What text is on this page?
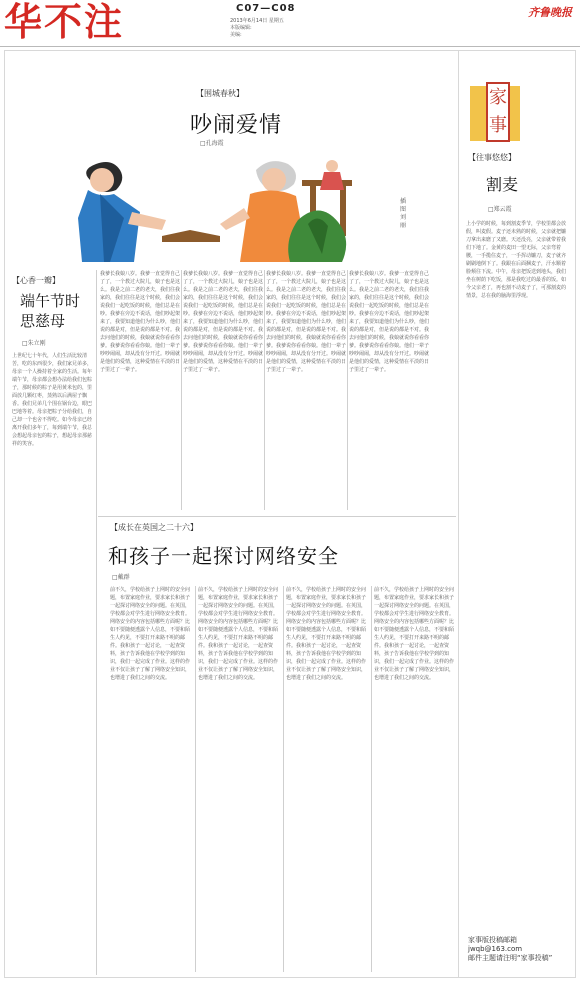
华不注	C07—C08
2013年6月14日 星期五
本版编辑:
美编:
齐鲁晚报
【围城春秋】
吵闹爱情
□孔海霞
插图 刘丽
【心香一瓣】
端午节时
思慈母
□朱立刚
上世纪七十年代，人们生活比较清苦，吃的东西很少，我们家兄弟多，母亲一个人操持着全家的生活。每年端午节，母亲都会想办法给我们包粽子，那时候的粽子是用黄米包的，里面放几颗红枣，蒸熟以后满屋子飘香。我们兄弟几个围在锅台边，眼巴巴地等着。母亲把粽子分给我们，自己却一个也舍不得吃。如今母亲已经离开我们多年了，每到端午节，我总会想起母亲包的粽子，想起母亲那慈祥的笑容。
我爹长我娘八岁。我爹一直觉得自己了了，一个教过大院儿，娘子也是这么。我是之前二老的老夫，我们往我家的，我们往往是这个时候，我们会说我们一起吃饭的时候，他们总是在吵。我爹在旁边不说话，他们吵起架来了，我要知道他们为什么吵，他们说的都是对，但是说的都是不对。我去问他们的时候，我娘就说你看看你爹。我爹说你看看你娘。他们一辈子吵吵闹闹，却从没有分开过。吵闹就是他们的爱情，这种爱情在平淡的日子里过了一辈子。
我爹长我娘八岁。我爹一直觉得自己了了，一个教过大院儿，娘子也是这么。我是之前二老的老夫，我们往我家的，我们往往是这个时候，我们会说我们一起吃饭的时候，他们总是在吵。我爹在旁边不说话，他们吵起架来了，我要知道他们为什么吵，他们说的都是对，但是说的都是不对。我去问他们的时候，我娘就说你看看你爹。我爹说你看看你娘。他们一辈子吵吵闹闹，却从没有分开过。吵闹就是他们的爱情，这种爱情在平淡的日子里过了一辈子。
我爹长我娘八岁。我爹一直觉得自己了了，一个教过大院儿，娘子也是这么。我是之前二老的老夫，我们往我家的，我们往往是这个时候，我们会说我们一起吃饭的时候，他们总是在吵。我爹在旁边不说话，他们吵起架来了，我要知道他们为什么吵，他们说的都是对，但是说的都是不对。我去问他们的时候，我娘就说你看看你爹。我爹说你看看你娘。他们一辈子吵吵闹闹，却从没有分开过。吵闹就是他们的爱情，这种爱情在平淡的日子里过了一辈子。
我爹长我娘八岁。我爹一直觉得自己了了，一个教过大院儿，娘子也是这么。我是之前二老的老夫，我们往我家的，我们往往是这个时候，我们会说我们一起吃饭的时候，他们总是在吵。我爹在旁边不说话，他们吵起架来了，我要知道他们为什么吵，他们说的都是对，但是说的都是不对。我去问他们的时候，我娘就说你看看你爹。我爹说你看看你娘。他们一辈子吵吵闹闹，却从没有分开过。吵闹就是他们的爱情，这种爱情在平淡的日子里过了一辈子。
【成长在英国之二十六】
和孩子一起探讨网络安全
□戴群
前不久，学校给孩子上网时的安全问题，布置家庭作业，要求家长和孩子一起探讨网络安全的问题。在英国，学校都会对学生进行网络安全教育。网络安全的内容包括哪些方面呢？比如不要随便透露个人信息，不要和陌生人约见，不要打开来路不明的邮件。我和孩子一起讨论，一起查资料，孩子告诉我他在学校学到的知识，我们一起完成了作业。这样的作业不仅让孩子了解了网络安全知识，也增进了我们之间的交流。
前不久，学校给孩子上网时的安全问题，布置家庭作业，要求家长和孩子一起探讨网络安全的问题。在英国，学校都会对学生进行网络安全教育。网络安全的内容包括哪些方面呢？比如不要随便透露个人信息，不要和陌生人约见，不要打开来路不明的邮件。我和孩子一起讨论，一起查资料，孩子告诉我他在学校学到的知识，我们一起完成了作业。这样的作业不仅让孩子了解了网络安全知识，也增进了我们之间的交流。
前不久，学校给孩子上网时的安全问题，布置家庭作业，要求家长和孩子一起探讨网络安全的问题。在英国，学校都会对学生进行网络安全教育。网络安全的内容包括哪些方面呢？比如不要随便透露个人信息，不要和陌生人约见，不要打开来路不明的邮件。我和孩子一起讨论，一起查资料，孩子告诉我他在学校学到的知识，我们一起完成了作业。这样的作业不仅让孩子了解了网络安全知识，也增进了我们之间的交流。
前不久，学校给孩子上网时的安全问题，布置家庭作业，要求家长和孩子一起探讨网络安全的问题。在英国，学校都会对学生进行网络安全教育。网络安全的内容包括哪些方面呢？比如不要随便透露个人信息，不要和陌生人约见，不要打开来路不明的邮件。我和孩子一起讨论，一起查资料，孩子告诉我他在学校学到的知识，我们一起完成了作业。这样的作业不仅让孩子了解了网络安全知识，也增进了我们之间的交流。
家事
【往事悠悠】
割麦
□郑云霞
上小学的时候，每到割麦季节，学校里都会放假，叫麦假。麦子还未熟的时候，父亲就把镰刀拿出来磨了又磨。天还没亮，父亲就带着我们下地了。金黄的麦田一望无际，父亲弯着腰，一手揽住麦子，一手挥动镰刀，麦子就齐刷刷地倒下了。我跟在后面捆麦子，汗水顺着脸颊往下流。中午，母亲把饭送到地头，我们坐在树荫下吃饭，那是我吃过的最香的饭。如今父亲老了，再也割不动麦子了，可那割麦的情景，总在我的脑海里浮现。
家事版投稿邮箱
jwqb@163.com
邮件主题请注明“家事投稿”
